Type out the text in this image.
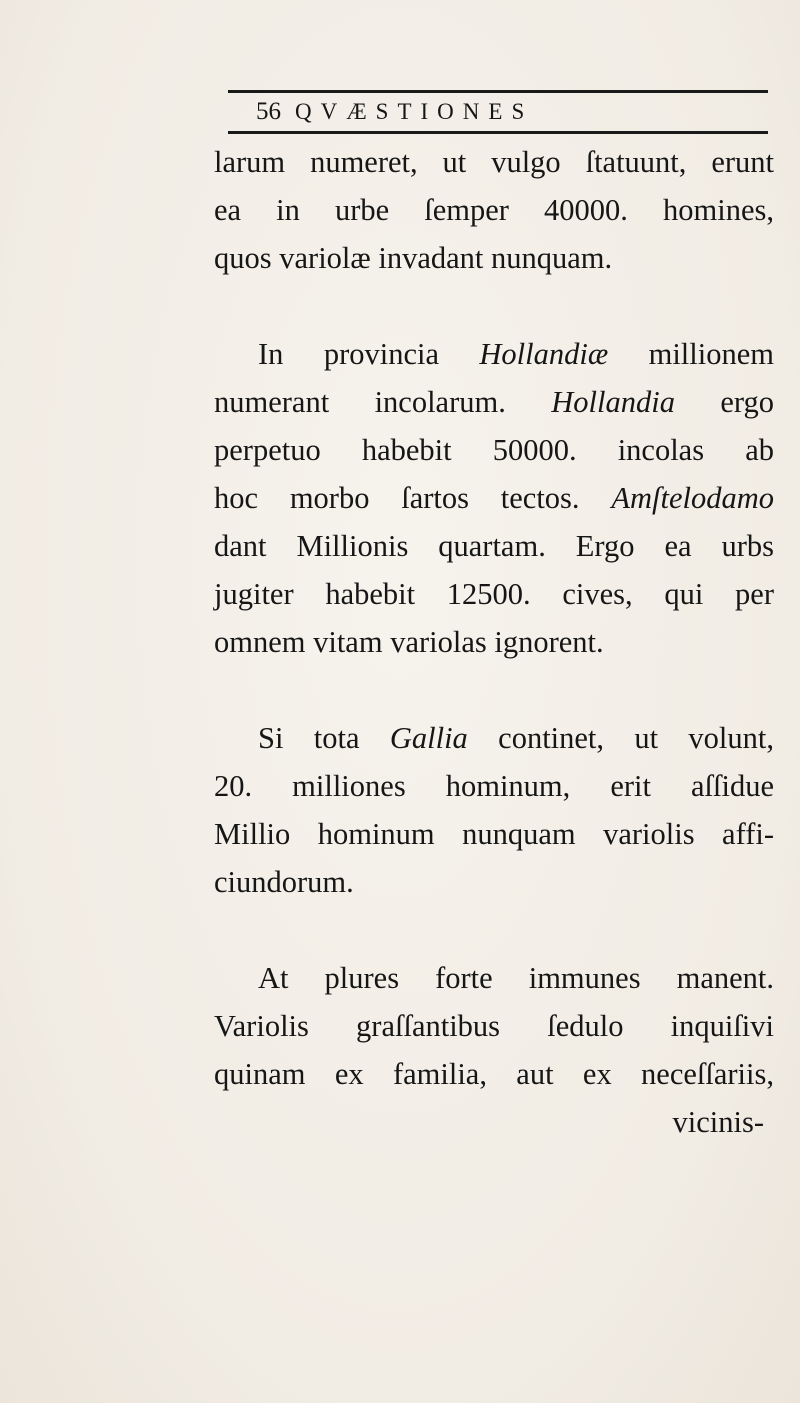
56 QVÆSTIONES
larum numeret, ut vulgo ſtatuunt, erunt
ea in urbe ſemper 40000. homines,
quos variolæ invadant nunquam.
In provincia Hollandiæ millionem
numerant incolarum. Hollandia ergo
perpetuo habebit 50000. incolas ab
hoc morbo ſartos tectos. Amſtelodamo
dant Millionis quartam. Ergo ea urbs
jugiter habebit 12500. cives, qui per
omnem vitam variolas ignorent.
Si tota Gallia continet, ut volunt,
20. milliones hominum, erit aſſidue
Millio hominum nunquam variolis affi-
ciundorum.
At plures forte immunes manent.
Variolis graſſantibus ſedulo inquiſivi
quinam ex familia, aut ex neceſſariis,
vicinis-
